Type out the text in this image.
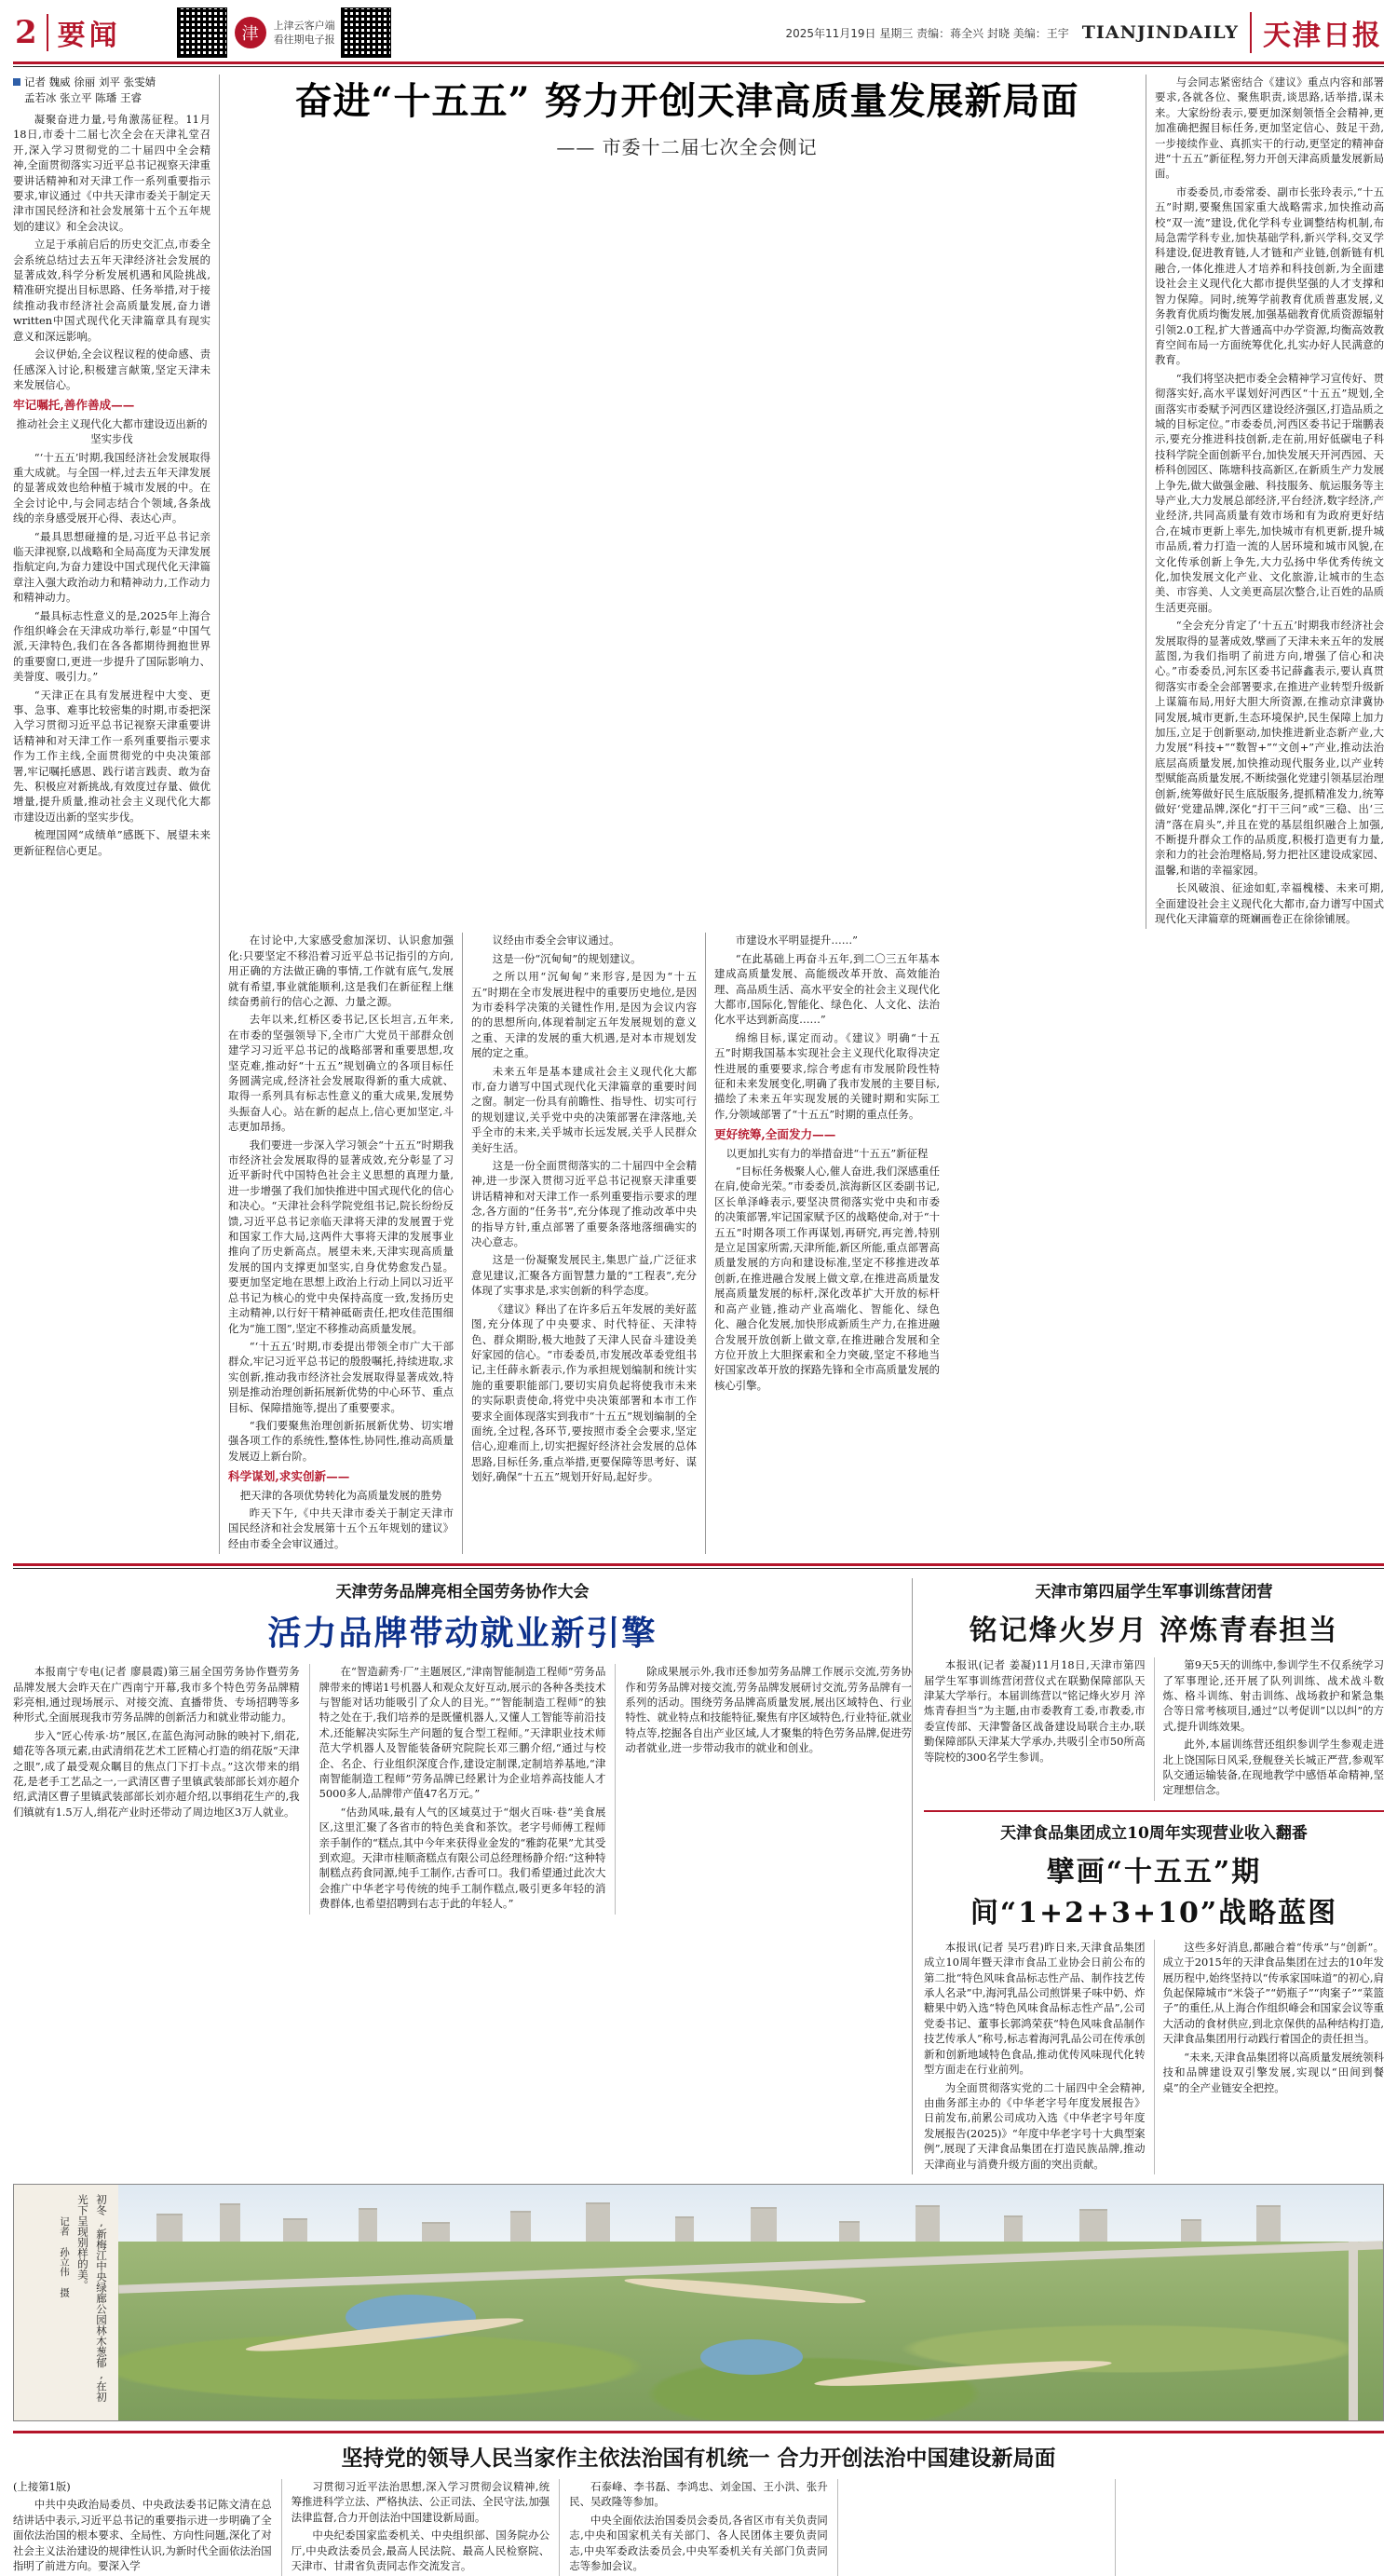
2 要闻	津	上津云客户端
看往期电子报	2025年11月19日 星期三 责编：蒋全兴 封晓 美编：王宇 TIANJINDAILY 天津日报
记者 魏威 徐丽 刘平 张雯婧
孟若冰 张立平 陈璠 王睿

凝聚奋进力量,号角激荡征程。11月18日,市委十二届七次全会在天津礼堂召开,深入学习贯彻党的二十届四中全会精神,全面贯彻落实习近平总书记视察天津重要讲话精神和对天津工作一系列重要指示要求,审议通过《中共天津市委关于制定天津市国民经济和社会发展第十五个五年规划的建议》和全会决议。

立足于承前启后的历史交汇点,市委全会系统总结过去五年天津经济社会发展的显著成效,科学分析发展机遇和风险挑战,精准研究提出目标思路、任务举措,对于接续推动我市经济社会高质量发展,奋力谱written中国式现代化天津篇章具有现实意义和深远影响。

会议伊始,全会议程议程的使命感、责任感深入讨论,积极建言献策,坚定天津未来发展信心。

牢记嘱托,善作善成——

推动社会主义现代化大都市建设迈出新的坚实步伐

“‘十五五’时期,我国经济社会发展取得重大成就。与全国一样,过去五年天津发展的显著成效也给种植于城市发展的中。在全会讨论中,与会同志结合个领域,各条战线的亲身感受展开心得、表达心声。

“最具思想碰撞的是,习近平总书记亲临天津视察,以战略和全局高度为天津发展指航定向,为奋力建设中国式现代化天津篇章注入强大政治动力和精神动力,工作动力和精神动力。

“最具标志性意义的是,2025年上海合作组织峰会在天津成功举行,彰显“中国气派,天津特色,我们在各各都期待拥抱世界的重要窗口,更进一步提升了国际影响力、美誉度、吸引力。”

“天津正在具有发展进程中大变、更事、急事、难事比较密集的时期,市委把深入学习贯彻习近平总书记视察天津重要讲话精神和对天津工作一系列重要指示要求作为工作主线,全面贯彻党的中央决策部署,牢记嘱托感恩、践行诺言践责、敢为奋先、积极应对新挑战,有效度过存量、做优增量,提升质量,推动社会主义现代化大都市建设迈出新的坚实步伐。

梳理国网“成绩单”感既下、展望未来更新征程信心更足。

奋进“十五五” 努力开创天津高质量发展新局面
—— 市委十二届七次全会侧记

与会同志紧密结合《建议》重点内容和部署要求,各就各位、聚焦职责,谈思路,话举措,谋未来。大家纷纷表示,要更加深刻领悟全会精神,更加准确把握目标任务,更加坚定信心、鼓足干劲,一步接续作业、真抓实干的行动,更坚定的精神奋进“十五五”新征程,努力开创天津高质量发展新局面。

市委委员,市委常委、副市长张玲表示,“十五五”时期,要聚焦国家重大战略需求,加快推动高校“双一流”建设,优化学科专业调整结构机制,布局急需学科专业,加快基础学科,新兴学科,交叉学科建设,促进教育链,人才链和产业链,创新链有机融合,一体化推进人才培养和科技创新,为全面建设社会主义现代化大都市提供坚强的人才支撑和智力保障。同时,统筹学前教育优质普惠发展,义务教育优质均衡发展,加强基础教育优质资源辐射引领2.0工程,扩大普通高中办学资源,均衡高效教育空间布局一方面统筹优化,扎实办好人民满意的教育。

“我们将坚决把市委全会精神学习宣传好、贯彻落实好,高水平谋划好河西区“十五五”规划,全面落实市委赋予河西区建设经济强区,打造品质之城的目标定位。”市委委员,河西区委书记于瑞鹏表示,要充分推进科技创新,走在前,用好低碳电子科技科学院全面创新平台,加快发展天开河西园、天桥科创园区、陈塘科技高新区,在新质生产力发展上争先,做大做强金融、科技服务、航运服务等主导产业,大力发展总部经济,平台经济,数字经济,产业经济,共同高质量有效市场和有为政府更好结合,在城市更新上率先,加快城市有机更新,提升城市品质,着力打造一流的人居环境和城市风貌,在文化传承创新上争先,大力弘扬中华优秀传统文化,加快发展文化产业、文化旅游,让城市的生态美、市容美、人文美更高层次整合,让百姓的品质生活更亮丽。

“全会充分肯定了‘十五五’时期我市经济社会发展取得的显著成效,擘画了天津未来五年的发展蓝图,为我们指明了前进方向,增强了信心和决心。”市委委员,河东区委书记薛鑫表示,要认真贯彻落实市委全会部署要求,在推进产业转型升级新上谋篇布局,用好大胆大所资源,在推动京津冀协同发展,城市更新,生态环境保护,民生保障上加力加压,立足于创新驱动,加快推进新业态新产业,大力发展“科技+”“数智+”“文创+”产业,推动法治底层高质量发展,加快推动现代服务业,以产业转型赋能高质量发展,不断续强化党建引领基层治理创新,统筹做好民生底版服务,提抓精准发力,统筹做好‘党建品牌,深化“打干三问”或“三稳、出‘三清”落在肩头”,并且在党的基层组织融合上加强,不断提升群众工作的品质度,积极打造更有力量,亲和力的社会治理格局,努力把社区建设成家园、温馨,和谐的幸福家园。

长风破浪、征途如虹,幸福槐楼、未来可期,全面建设社会主义现代化大都市,奋力谱写中国式现代化天津篇章的斑斓画卷正在徐徐铺展。

在讨论中,大家感受愈加深切、认识愈加强化:只要坚定不移沿着习近平总书记指引的方向,用正确的方法做正确的事情,工作就有底气,发展就有希望,事业就能顺利,这是我们在新征程上继续奋勇前行的信心之源、力量之源。

去年以来,红桥区委书记,区长坦言,五年来,在市委的坚强领导下,全市广大党员干部群众创建学习习近平总书记的战略部署和重要思想,攻坚克难,推动好“十五五”规划确立的各项目标任务圆满完成,经济社会发展取得新的重大成就、取得一系列具有标志性意义的重大成果,发展势头振奋人心。站在新的起点上,信心更加坚定,斗志更加昂扬。

我们要进一步深入学习领会“十五五”时期我市经济社会发展取得的显著成效,充分彰显了习近平新时代中国特色社会主义思想的真理力量,进一步增强了我们加快推进中国式现代化的信心和决心。“天津社会科学院党组书记,院长纷纷反馈,习近平总书记亲临天津将天津的发展置于党和国家工作大局,这两件大事将天津的发展事业推向了历史新高点。展望未来,天津实现高质量发展的国内支撑更加坚实,自身优势愈发凸显。要更加坚定地在思想上政治上行动上同以习近平总书记为核心的党中央保持高度一致,发扬历史主动精神,以行好干精神砥砺责任,把攻佳范围细化为“施工图”,坚定不移推动高质量发展。

“‘十五五’时期,市委提出带领全市广大干部群众,牢记习近平总书记的殷殷嘱托,持续进取,求实创新,推动我市经济社会发展取得显著成效,特别是推动治理创新拓展新优势的中心环节、重点目标、保障措施等,提出了重要要求。

“我们要聚焦治理创新拓展新优势、切实增强各项工作的系统性,整体性,协同性,推动高质量发展迈上新台阶。

科学谋划,求实创新——

把天津的各项优势转化为高质量发展的胜势

昨天下午,《中共天津市委关于制定天津市国民经济和社会发展第十五个五年规划的建议》经由市委全会审议通过。

议经由市委全会审议通过。

这是一份“沉甸甸”的规划建议。

之所以用“沉甸甸”来形容,是因为“十五五”时期在全市发展进程中的重要历史地位,是因为市委科学决策的关键性作用,是因为会议内容的的思想所向,体现着制定五年发展规划的意义之重、天津的发展的重大机遇,是对本市规划发展的定之重。

未来五年是基本建成社会主义现代化大都市,奋力谱写中国式现代化天津篇章的重要时间之窗。制定一份具有前瞻性、指导性、切实可行的规划建议,关乎党中央的决策部署在津落地,关乎全市的未来,关乎城市长远发展,关乎人民群众美好生活。

这是一份全面贯彻落实的二十届四中全会精神,进一步深入贯彻习近平总书记视察天津重要讲话精神和对天津工作一系列重要指示要求的理念,各方面的“任务书”,充分体现了推动改革中央的指导方针,重点部署了重要条落地落细确实的决心意志。

这是一份凝聚发展民主,集思广益,广泛征求意见建议,汇聚各方面智慧力量的“工程表”,充分体现了实事求是,求实创新的科学态度。

《建议》释出了在许多后五年发展的美好蓝图,充分体现了中央要求、时代特征、天津特色、群众期盼,极大地鼓了天津人民奋斗建设美好家园的信心。“市委委员,市发展改革委党组书记,主任薛永新表示,作为承担规划编制和统计实施的重要职能部门,要切实肩负起将使我市未来的实际职责使命,将党中央决策部署和本市工作要求全面体现落实到我市“十五五”规划编制的全面统,全过程,各环节,要按照市委全会要求,坚定信心,迎难而上,切实把握好经济社会发展的总体思路,目标任务,重点举措,更要保障等思考好、谋划好,确保“十五五”规划开好局,起好步。

市建设水平明显提升……”

“在此基础上再奋斗五年,到二〇三五年基本建成高质量发展、高能级改革开放、高效能治理、高品质生活、高水平安全的社会主义现代化大都市,国际化,智能化、绿色化、人文化、法治化水平达到新高度……”

绵绵目标,谋定而动。《建议》明确“十五五”时期我国基本实现社会主义现代化取得决定性进展的重要要求,综合考虑有市发展阶段性特征和未来发展变化,明确了我市发展的主要目标,描绘了未来五年实现发展的关键时期和实际工作,分领域部署了“十五五”时期的重点任务。

更好统筹,全面发力——

以更加扎实有力的举措奋进“十五五”新征程

“目标任务极聚人心,催人奋进,我们深感重任在肩,使命光荣。”市委委员,滨海新区区委副书记,区长单泽峰表示,要坚决贯彻落实党中央和市委的决策部署,牢记国家赋予区的战略使命,对于“十五五”时期各项工作再谋划,再研究,再完善,特别是立足国家所需,天津所能,新区所能,重点部署高质量发展的方向和建设标准,坚定不移推进改革创新,在推进融合发展上做文章,在推进高质量发展高质量发展的标杆,深化改革扩大开放的标杆和高产业链,推动产业高端化、智能化、绿色化、融合化发展,加快形成新质生产力,在推进融合发展开放创新上做文章,在推进融合发展和全方位开放上大胆探索和全力突破,坚定不移地当好国家改革开放的探路先锋和全市高质量发展的核心引擎。

天津劳务品牌亮相全国劳务协作大会
活力品牌带动就业新引擎

本报南宁专电(记者 廖晨霞)第三届全国劳务协作暨劳务品牌发展大会昨天在广西南宁开幕,我市多个特色劳务品牌精彩亮相,通过现场展示、对接交流、直播带货、专场招聘等多种形式,全面展现我市劳务品牌的创新活力和就业带动能力。

步入“匠心传承·坊”展区,在蓝色海河动脉的映衬下,绢花,蜡花等各项元素,由武清绢花艺术工匠精心打造的绢花版“天津之眼”,成了最受观众瞩目的焦点门下打卡点。”这次带来的绢花,是老手工艺品之一,一武清区曹子里镇武装部部长刘亦超介绍,武清区曹子里镇武装部部长刘亦超介绍,以事绢花生产的,我们镇就有1.5万人,绢花产业时还带动了周边地区3万人就业。

在“智造薪秀·厂”主题展区,“津南智能制造工程师”劳务品牌带来的博诺1号机器人和观众友好互动,展示的各种各类技术与智能对话功能吸引了众人的目光。”“智能制造工程师”的独特之处在于,我们培养的是既懂机器人,又懂人工智能等前沿技术,还能解决实际生产问题的复合型工程师。”天津职业技术师范大学机器人及智能装备研究院院长邓三鹏介绍,“通过与校企、名企、行业组织深度合作,建设定制课,定制培养基地,“津南智能制造工程师”劳务品牌已经累计为企业培养高技能人才5000多人,品牌带产值47名万元。”

“估劲风味,最有人气的区域莫过于“烟火百味·巷”美食展区,这里汇聚了各省市的特色美食和茶饮。老字号师傅工程师亲手制作的“糕点,其中今年来获得业金发的“雅韵花果”尤其受到欢迎。天津市桂顺斋糕点有限公司总经理杨静介绍:“这种特制糕点药食同源,纯手工制作,古香可口。我们希望通过此次大会推广中华老字号传统的纯手工制作糕点,吸引更多年轻的消费群体,也希望招聘到右志于此的年轻人。”

除成果展示外,我市还参加劳务品牌工作展示交流,劳务协作和劳务品牌对接交流,劳务品牌发展研讨交流,劳务品牌有一系列的活动。围绕劳务品牌高质量发展,展出区域特色、行业特性、就业特点和技能特征,聚焦有序区域特色,行业特征,就业特点等,挖掘各自出产业区域,人才聚集的特色劳务品牌,促进劳动者就业,进一步带动我市的就业和创业。

天津市第四届学生军事训练营闭营
铭记烽火岁月 淬炼青春担当

本报讯(记者 姜凝)11月18日,天津市第四届学生军事训练营闭营仪式在联勤保障部队天津某大学举行。本届训练营以“铭记烽火岁月 淬炼青春担当”为主题,由市委教育工委,市教委,市委宣传部、天津警备区战备建设局联合主办,联勤保障部队天津某大学承办,共吸引全市50所高等院校的300名学生参训。

第9天5天的训练中,参训学生不仅系统学习了军事理论,还开展了队列训练、战术战斗数炼、格斗训练、射击训练、战场救护和紧急集合等日常考核项目,通过“以考促训”以以纠”的方式,提升训练效果。

此外,本届训练营还组织参训学生参观走进北上饶国际日风采,登舰登关长城正严营,参观军队交通运输装备,在现地教学中感悟革命精神,坚定理想信念。

天津食品集团成立10周年实现营业收入翻番
擘画“十五五”期间“1+2+3+10”战略蓝图

本报讯(记者 吴巧君)昨日来,天津食品集团成立10周年暨天津市食品工业协会日前公布的第二批“特色风味食品标志性产品、制作技艺传承人名录”中,海河乳品公司煎饼果子味中奶、炸糖果中奶入选“特色风味食品标志性产品”,公司党委书记、董事长郭鸿荣获“特色风味食品制作技艺传承人”称号,标志着海河乳品公司在传承创新和创新地域特色食品,推动优传风味现代化转型方面走在行业前列。

为全面贯彻落实党的二十届四中全会精神,由曲务部主办的《中华老字号年度发展报告》日前发布,前累公司成功入选《中华老字号年度发展报告(2025)》“年度中华老字号十大典型案例”,展现了天津食品集团在打造民族品牌,推动天津商业与消费升级方面的突出贡献。

这些多好消息,都融合着“传承”与“创新”。成立于2015年的天津食品集团在过去的10年发展历程中,始终坚持以“传承家国味道”的初心,肩负起保障城市“米袋子”“奶瓶子”“肉案子”“菜篮子”的重任,从上海合作组织峰会和国家会议等重大活动的食材供应,到北京保供的品种结构打造,天津食品集团用行动践行着国企的责任担当。

“未来,天津食品集团将以高质量发展统领科技和品牌建设双引擎发展,实现以“田间到餐桌”的全产业链安全把控。

初冬,新梅江中央绿廊公园林木葱郁,在初光下呈现别样的美。
记者 孙立伟 摄
坚持党的领导人民当家作主依法治国有机统一 合力开创法治中国建设新局面
(上接第1版)

中共中央政治局委员、中央政法委书记陈文清在总结讲话中表示,习近平总书记的重要指示进一步明确了全面依法治国的根本要求、全局性、方向性问题,深化了对社会主义法治建设的规律性认识,为新时代全面依法治国指明了前进方向。要深入学

习贯彻习近平法治思想,深入学习贯彻会议精神,统筹推进科学立法、严格执法、公正司法、全民守法,加强法律监督,合力开创法治中国建设新局面。

中央纪委国家监委机关、中央组织部、国务院办公厅,中央政法委员会,最高人民法院、最高人民检察院、天津市、甘肃省负责同志作交流发言。

石泰峰、李书磊、李鸿忠、刘金国、王小洪、张升民、吴政隆等参加。

中央全面依法治国委员会委员,各省区市有关负责同志,中央和国家机关有关部门、各人民团体主要负责同志,中央军委政法委员会,中央军委机关有关部门负责同志等参加会议。
